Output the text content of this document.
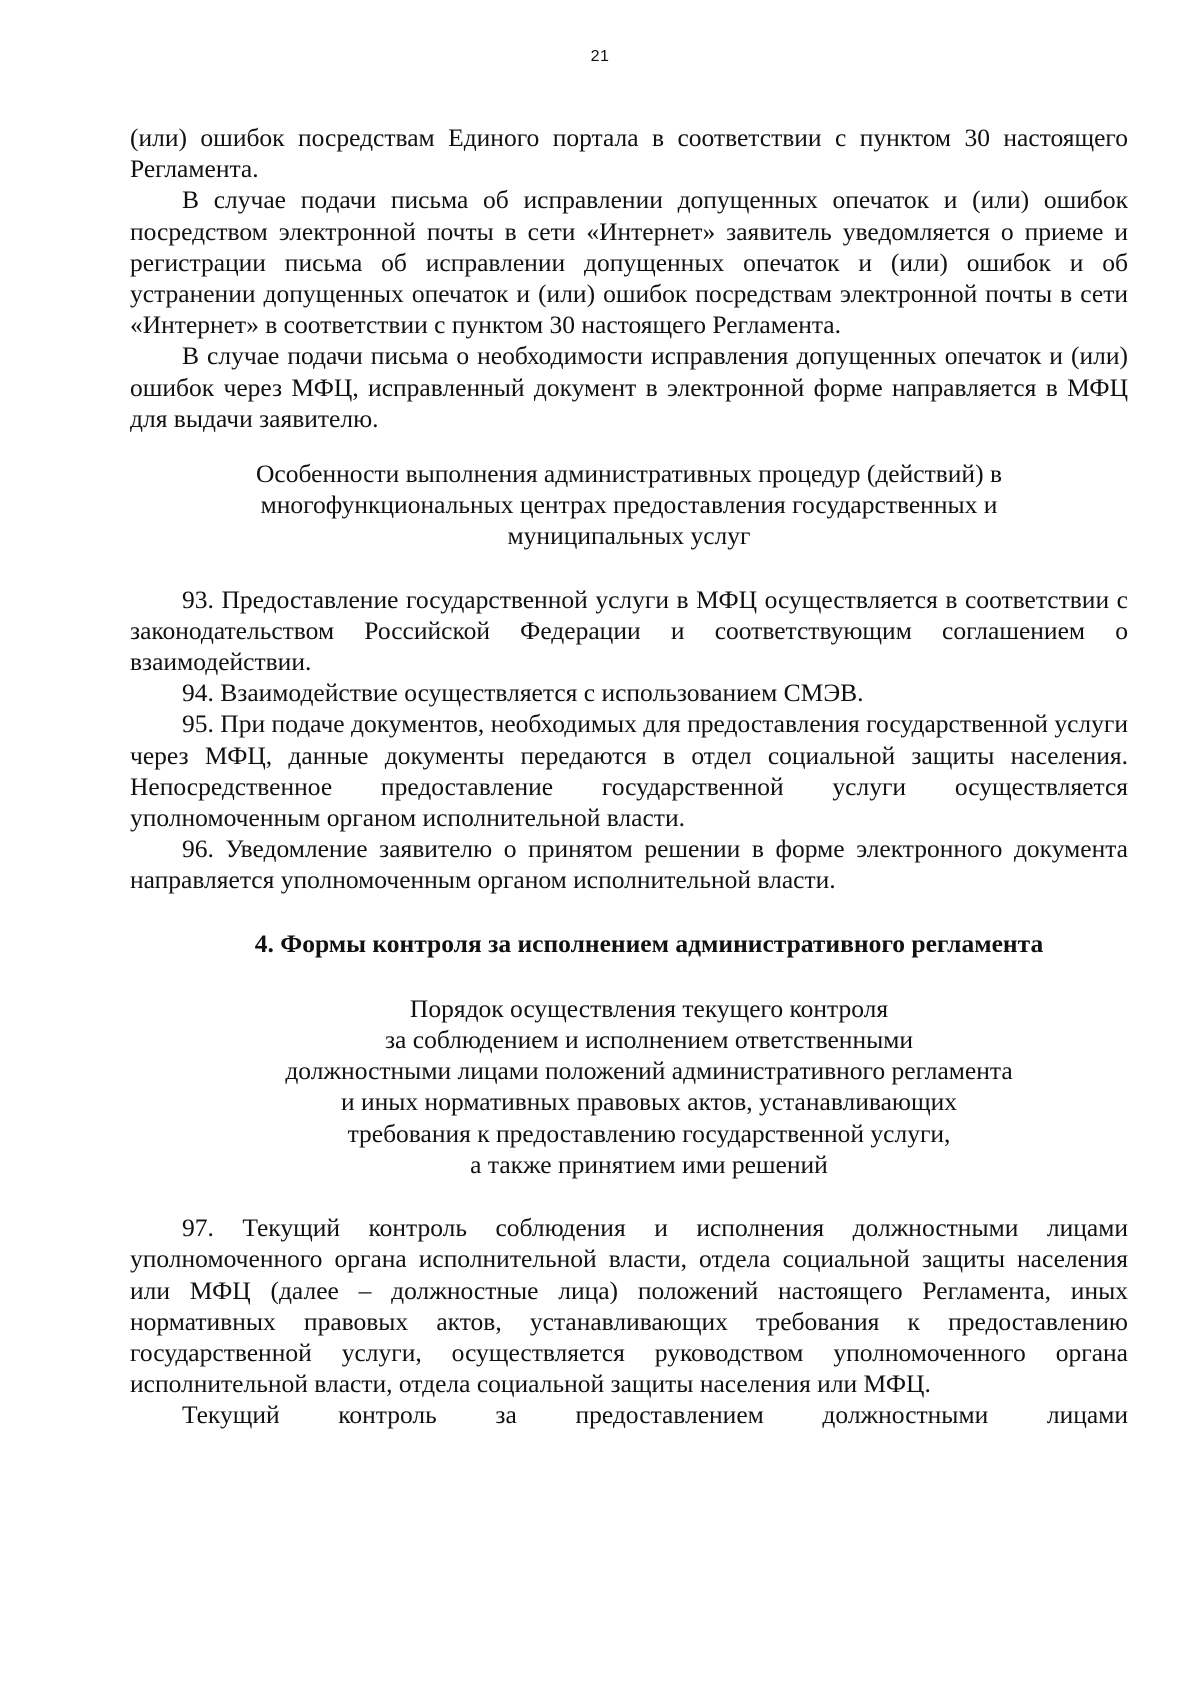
21

(или) ошибок посредствам Единого портала в соответствии с пунктом 30 настоящего Регламента.

В случае подачи письма об исправлении допущенных опечаток и (или) ошибок посредством электронной почты в сети «Интернет» заявитель уведомляется о приеме и регистрации письма об исправлении допущенных опечаток и (или) ошибок и об устранении допущенных опечаток и (или) ошибок посредствам электронной почты в сети «Интернет» в соответствии с пунктом 30 настоящего Регламента.

В случае подачи письма о необходимости исправления допущенных опечаток и (или) ошибок через МФЦ, исправленный документ в электронной форме направляется в МФЦ для выдачи заявителю.

Особенности выполнения административных процедур (действий) в многофункциональных центрах предоставления государственных и муниципальных услуг

93. Предоставление государственной услуги в МФЦ осуществляется в соответствии с законодательством Российской Федерации и соответствующим соглашением о взаимодействии.

94. Взаимодействие осуществляется с использованием СМЭВ.

95. При подаче документов, необходимых для предоставления государственной услуги через МФЦ, данные документы передаются в отдел социальной защиты населения. Непосредственное предоставление государственной услуги осуществляется уполномоченным органом исполнительной власти.

96. Уведомление заявителю о принятом решении в форме электронного документа направляется уполномоченным органом исполнительной власти.

4. Формы контроля за исполнением административного регламента
Порядок осуществления текущего контроля
за соблюдением и исполнением ответственными
должностными лицами положений административного регламента
и иных нормативных правовых актов, устанавливающих
требования к предоставлению государственной услуги,
а также принятием ими решений

97. Текущий контроль соблюдения и исполнения должностными лицами уполномоченного органа исполнительной власти, отдела социальной защиты населения или МФЦ (далее – должностные лица) положений настоящего Регламента, иных нормативных правовых актов, устанавливающих требования к предоставлению государственной услуги, осуществляется руководством уполномоченного органа исполнительной власти, отдела социальной защиты населения или МФЦ.

Текущий контроль за предоставлением должностными лицами
